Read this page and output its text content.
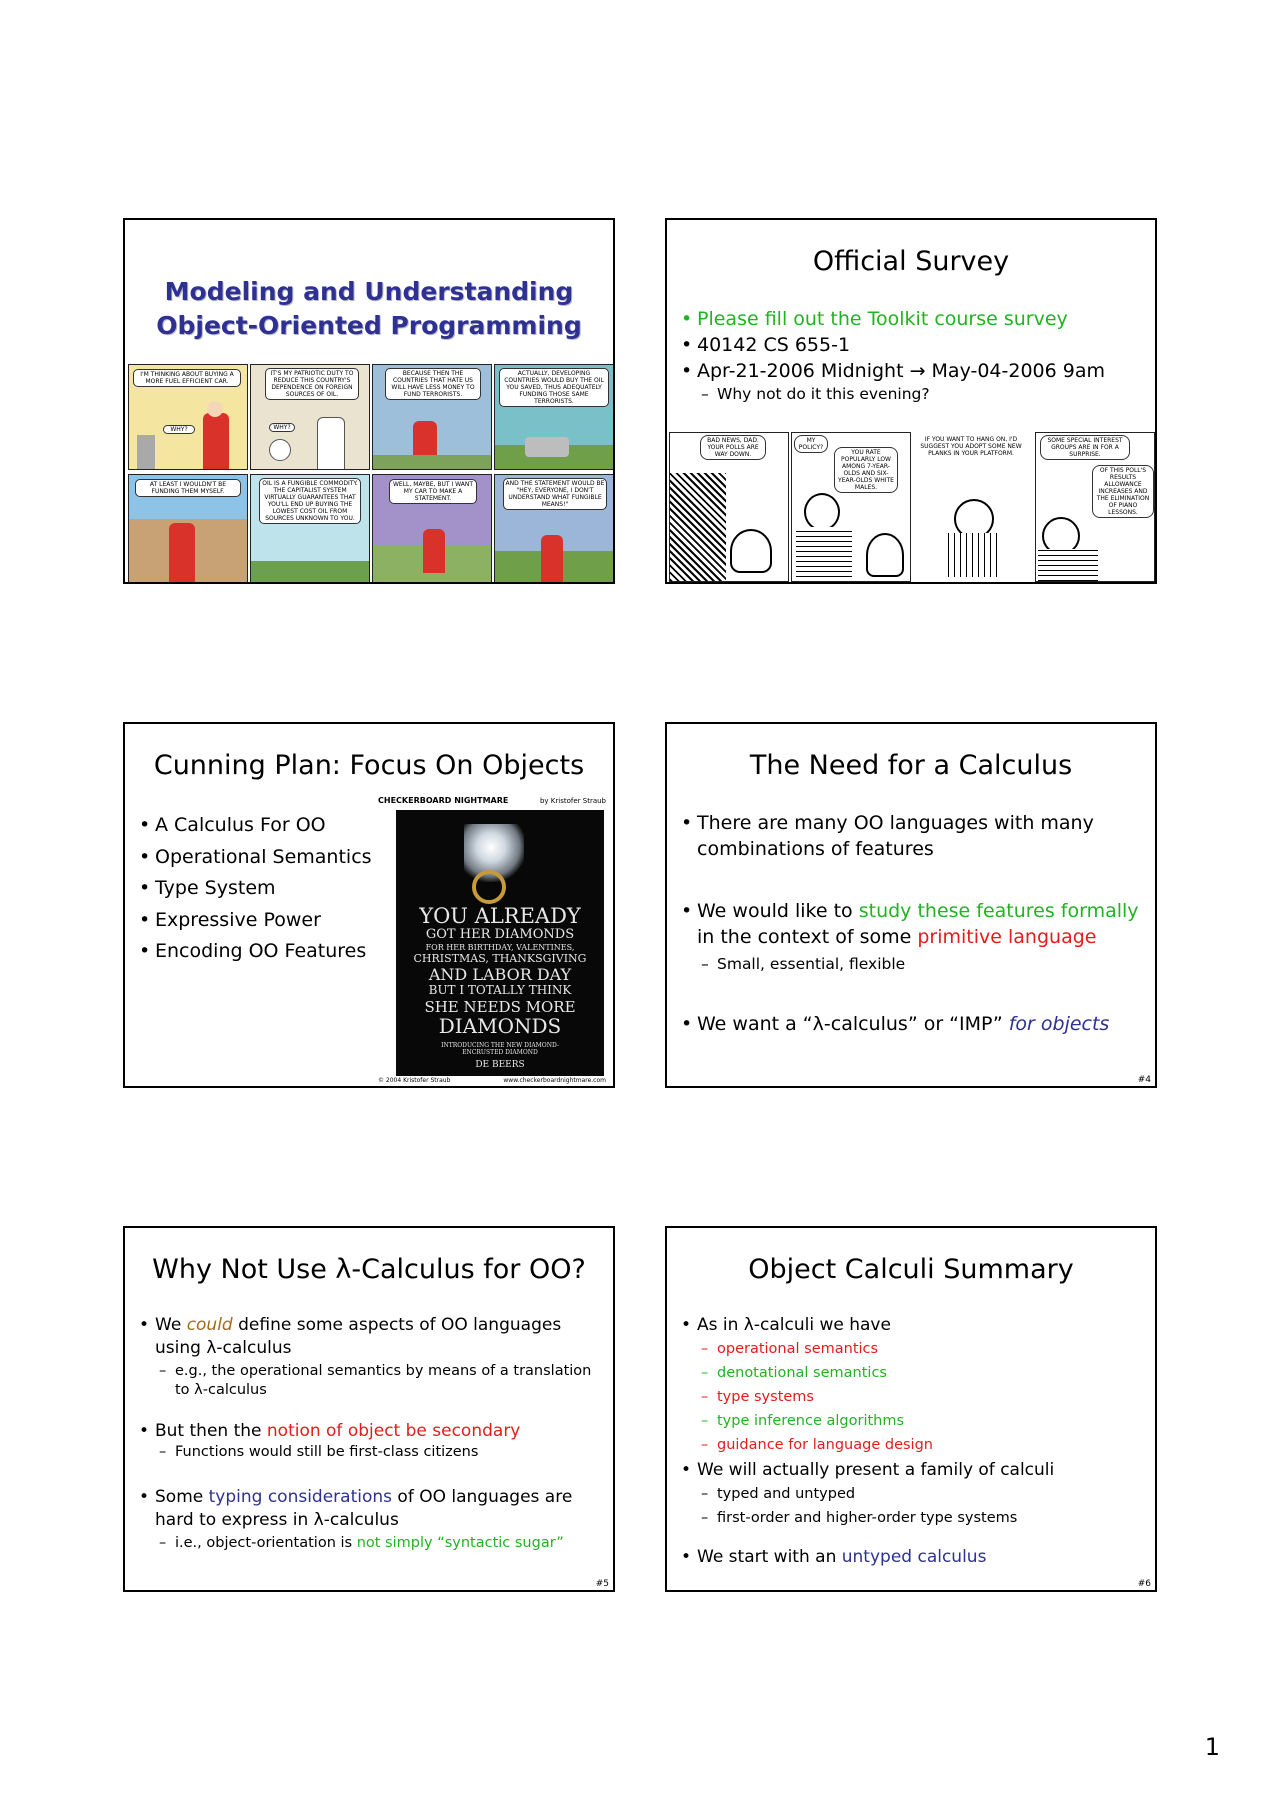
Modeling and Understanding
Object-Oriented Programming
I'M THINKING ABOUT BUYING A MORE FUEL EFFICIENT CAR.
WHY?
IT'S MY PATRIOTIC DUTY TO REDUCE THIS COUNTRY'S DEPENDENCE ON FOREIGN SOURCES OF OIL.
WHY?
BECAUSE THEN THE COUNTRIES THAT HATE US WILL HAVE LESS MONEY TO FUND TERRORISTS.
ACTUALLY, DEVELOPING COUNTRIES WOULD BUY THE OIL YOU SAVED, THUS ADEQUATELY FUNDING THOSE SAME TERRORISTS.
AT LEAST I WOULDN'T BE FUNDING THEM MYSELF.
OIL IS A FUNGIBLE COMMODITY. THE CAPITALIST SYSTEM VIRTUALLY GUARANTEES THAT YOU'LL END UP BUYING THE LOWEST COST OIL FROM SOURCES UNKNOWN TO YOU.
WELL, MAYBE, BUT I WANT MY CAR TO MAKE A STATEMENT.
AND THE STATEMENT WOULD BE "HEY, EVERYONE, I DON'T UNDERSTAND WHAT FUNGIBLE MEANS!"
Official Survey
• Please fill out the Toolkit course survey
• 40142 CS 655-1
• Apr-21-2006 Midnight → May-04-2006 9am
– Why not do it this evening?
BAD NEWS, DAD. YOUR POLLS ARE WAY DOWN.
MY POLICY?
YOU RATE POPULARLY LOW AMONG 7-YEAR-OLDS AND SIX-YEAR-OLDS WHITE MALES.
IF YOU WANT TO HANG ON, I'D SUGGEST YOU ADOPT SOME NEW PLANKS IN YOUR PLATFORM.
SOME SPECIAL INTEREST GROUPS ARE IN FOR A SURPRISE.
OF THIS POLL'S RESULTS ALLOWANCE INCREASES AND THE ELIMINATION OF PIANO LESSONS.
Cunning Plan: Focus On Objects
• A Calculus For OO
• Operational Semantics
• Type System
• Expressive Power
• Encoding OO Features
CHECKERBOARD NIGHTMARE	by Kristofer Straub
YOU ALREADY
GOT HER DIAMONDS
FOR HER BIRTHDAY, VALENTINES,
CHRISTMAS, THANKSGIVING
AND LABOR DAY
BUT I TOTALLY THINK
SHE NEEDS MORE
DIAMONDS
INTRODUCING THE NEW DIAMOND-ENCRUSTED DIAMOND
DE BEERS
© 2004 Kristofer Straub	www.checkerboardnightmare.com
The Need for a Calculus
• There are many OO languages with many combinations of features
• We would like to study these features formally in the context of some primitive language
– Small, essential, flexible
• We want a “λ-calculus” or “IMP” for objects
#4
Why Not Use λ-Calculus for OO?
• We could define some aspects of OO languages using λ-calculus
– e.g., the operational semantics by means of a translation to λ-calculus
• But then the notion of object be secondary
– Functions would still be first-class citizens
• Some typing considerations of OO languages are hard to express in λ-calculus
– i.e., object-orientation is not simply “syntactic sugar”
#5
Object Calculi Summary
• As in λ-calculi we have
– operational semantics
– denotational semantics
– type systems
– type inference algorithms
– guidance for language design
• We will actually present a family of calculi
– typed and untyped
– first-order and higher-order type systems
• We start with an untyped calculus
#6
1
